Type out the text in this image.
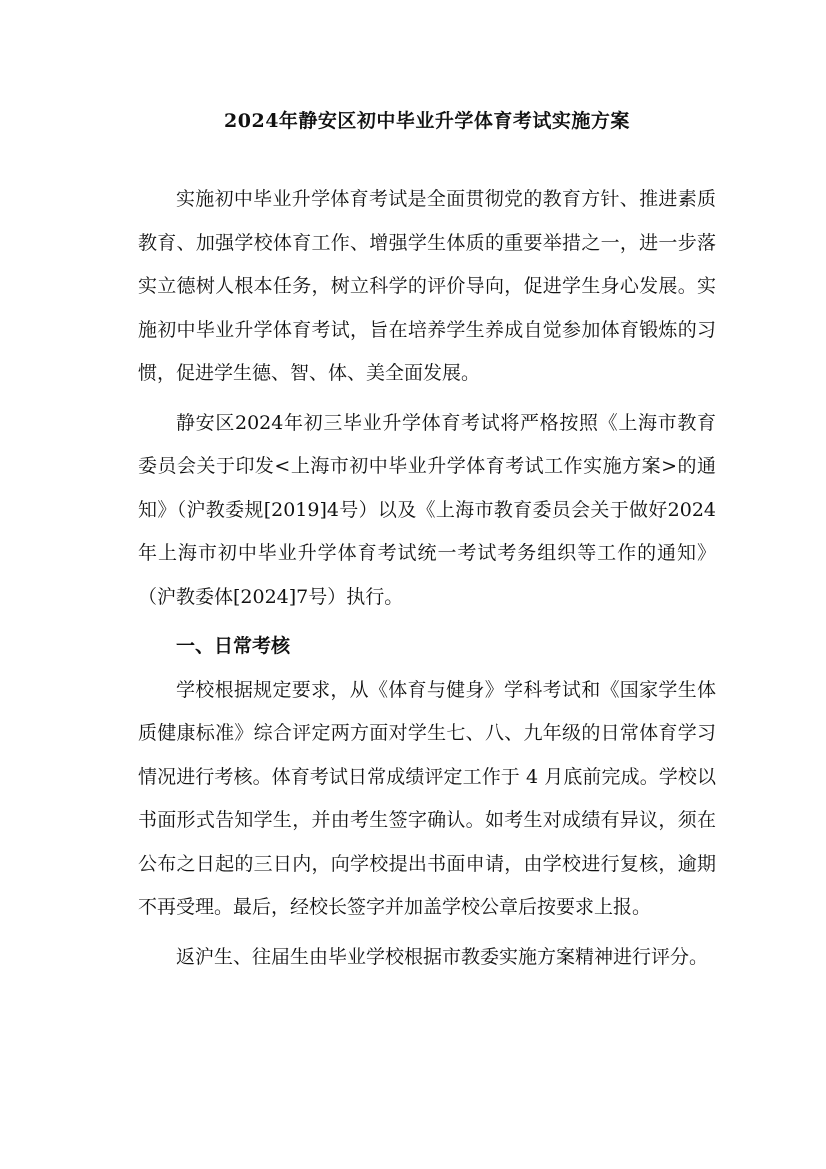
2024年静安区初中毕业升学体育考试实施方案

实施初中毕业升学体育考试是全面贯彻党的教育方针、推进素质教育、加强学校体育工作、增强学生体质的重要举措之一，进一步落实立德树人根本任务，树立科学的评价导向，促进学生身心发展。实施初中毕业升学体育考试，旨在培养学生养成自觉参加体育锻炼的习惯，促进学生德、智、体、美全面发展。

静安区2024年初三毕业升学体育考试将严格按照《上海市教育委员会关于印发<上海市初中毕业升学体育考试工作实施方案>的通知》（沪教委规[2019]4号）以及《上海市教育委员会关于做好2024年上海市初中毕业升学体育考试统一考试考务组织等工作的通知》（沪教委体[2024]7号）执行。

一、日常考核

学校根据规定要求，从《体育与健身》学科考试和《国家学生体质健康标准》综合评定两方面对学生七、八、九年级的日常体育学习情况进行考核。体育考试日常成绩评定工作于 4 月底前完成。学校以书面形式告知学生，并由考生签字确认。如考生对成绩有异议，须在公布之日起的三日内，向学校提出书面申请，由学校进行复核，逾期不再受理。最后，经校长签字并加盖学校公章后按要求上报。

返沪生、往届生由毕业学校根据市教委实施方案精神进行评分。
